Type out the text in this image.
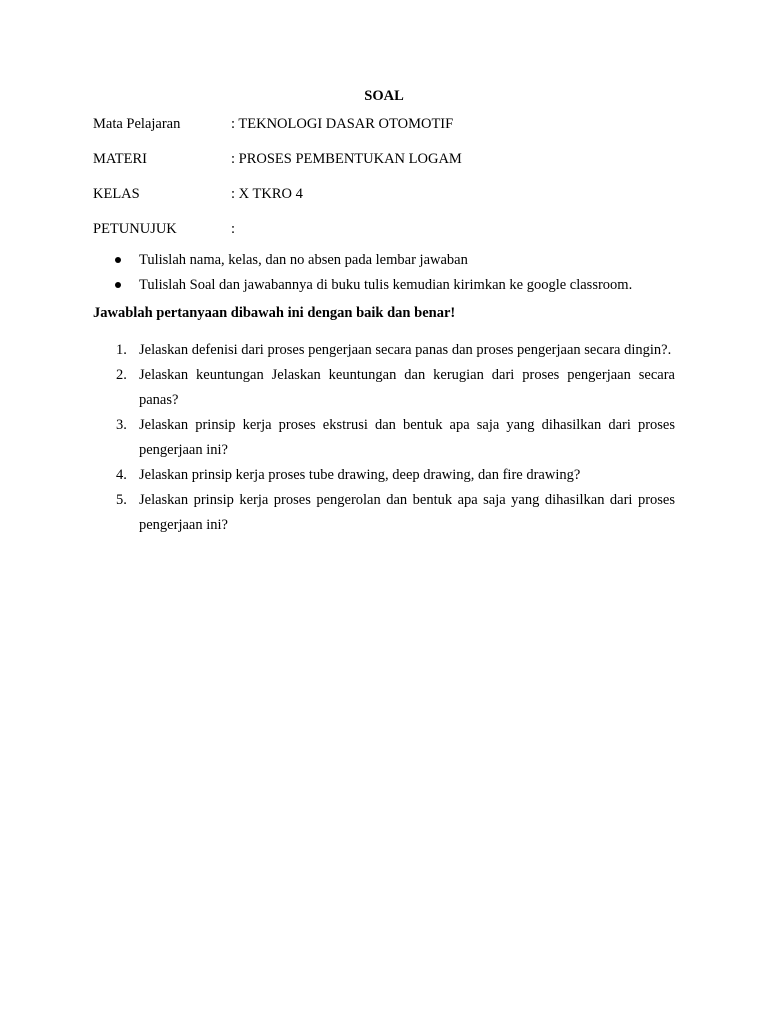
SOAL
Mata Pelajaran	: TEKNOLOGI DASAR OTOMOTIF
MATERI	: PROSES PEMBENTUKAN LOGAM
KELAS	: X TKRO 4
PETUNUJUK	:
Tulislah nama, kelas, dan no absen pada lembar jawaban
Tulislah Soal dan jawabannya di buku tulis kemudian kirimkan ke google classroom.

Jawablah pertanyaan dibawah ini dengan baik dan benar!

1. Jelaskan defenisi dari proses pengerjaan secara panas dan proses pengerjaan secara dingin?.
2. Jelaskan keuntungan Jelaskan keuntungan dan kerugian dari proses pengerjaan secara panas?
3. Jelaskan prinsip kerja proses ekstrusi dan bentuk apa saja yang dihasilkan dari proses pengerjaan ini?
4. Jelaskan prinsip kerja proses tube drawing, deep drawing, dan fire drawing?
5. Jelaskan prinsip kerja proses pengerolan dan bentuk apa saja yang dihasilkan dari proses pengerjaan ini?
